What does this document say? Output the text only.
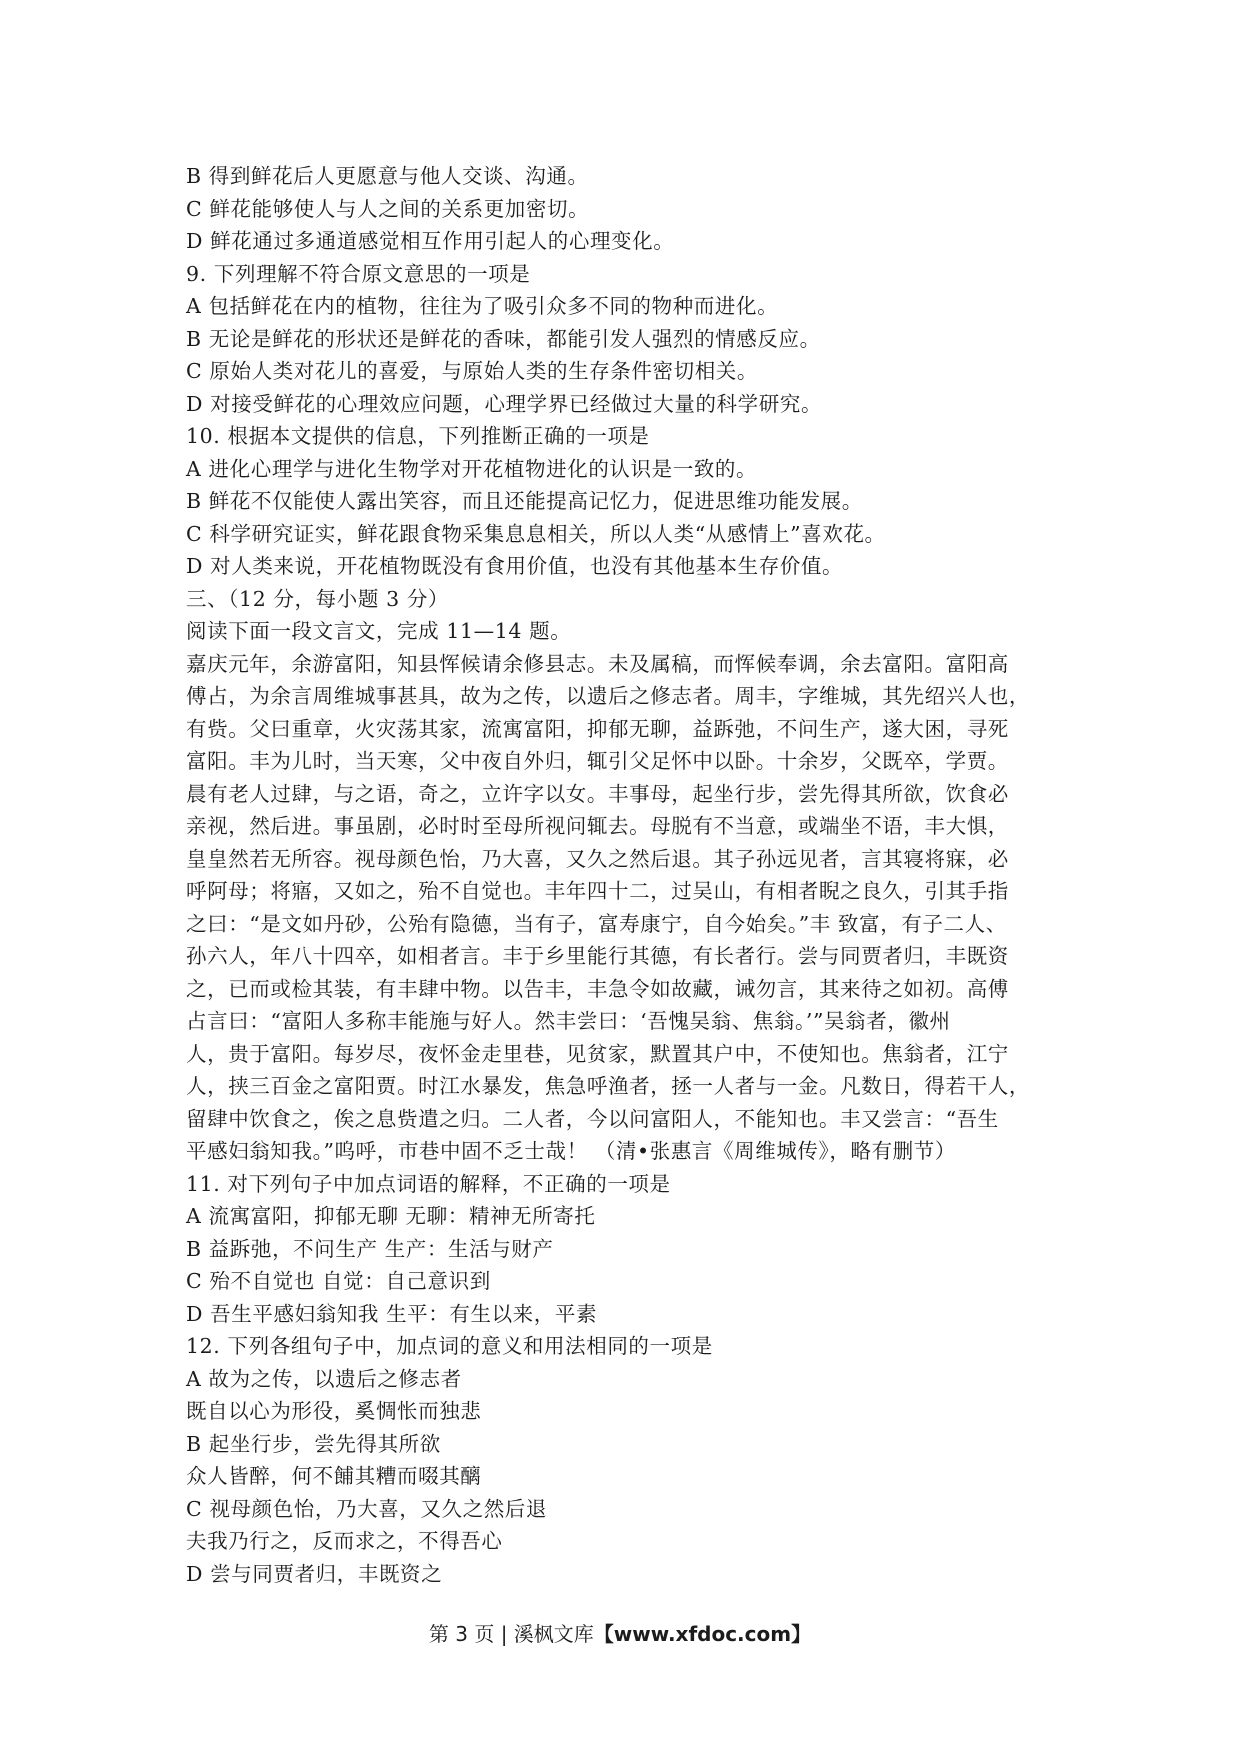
B 得到鲜花后人更愿意与他人交谈、沟通。
C 鲜花能够使人与人之间的关系更加密切。
D 鲜花通过多通道感觉相互作用引起人的心理变化。
9. 下列理解不符合原文意思的一项是
A 包括鲜花在内的植物，往往为了吸引众多不同的物种而进化。
B 无论是鲜花的形状还是鲜花的香味，都能引发人强烈的情感反应。
C 原始人类对花儿的喜爱，与原始人类的生存条件密切相关。
D 对接受鲜花的心理效应问题，心理学界已经做过大量的科学研究。
10. 根据本文提供的信息，下列推断正确的一项是
A 进化心理学与进化生物学对开花植物进化的认识是一致的。
B 鲜花不仅能使人露出笑容，而且还能提高记忆力，促进思维功能发展。
C 科学研究证实，鲜花跟食物采集息息相关，所以人类“从感情上”喜欢花。
D 对人类来说，开花植物既没有食用价值，也没有其他基本生存价值。
三、（12 分，每小题 3 分）
阅读下面一段文言文，完成 11—14 题。
嘉庆元年，余游富阳，知县恽候请余修县志。未及属稿，而恽候奉调，余去富阳。富阳高
傅占，为余言周维城事甚具，故为之传，以遗后之修志者。周丰，字维城，其先绍兴人也，
有赀。父曰重章，火灾荡其家，流寓富阳，抑郁无聊，益跅弛，不问生产，遂大困，寻死
富阳。丰为儿时，当天寒，父中夜自外归，辄引父足怀中以卧。十余岁，父既卒，学贾。
晨有老人过肆，与之语，奇之，立许字以女。丰事母，起坐行步，尝先得其所欲，饮食必
亲视，然后进。事虽剧，必时时至母所视问辄去。母脱有不当意，或端坐不语，丰大惧，
皇皇然若无所容。视母颜色怡，乃大喜，又久之然后退。其子孙远见者，言其寝将寐，必
呼阿母；将寤，又如之，殆不自觉也。丰年四十二，过吴山，有相者睨之良久，引其手指
之曰：“是文如丹砂，公殆有隐德，当有子，富寿康宁，自今始矣。”丰 致富，有子二人、
孙六人，年八十四卒，如相者言。丰于乡里能行其德，有长者行。尝与同贾者归，丰既资
之，已而或检其装，有丰肆中物。以告丰，丰急令如故藏，诫勿言，其来待之如初。高傅
占言曰：“富阳人多称丰能施与好人。然丰尝曰：‘吾愧吴翁、焦翁。’”吴翁者，徽州
人，贵于富阳。每岁尽，夜怀金走里巷，见贫家，默置其户中，不使知也。焦翁者，江宁
人，挟三百金之富阳贾。时江水暴发，焦急呼渔者，拯一人者与一金。凡数日，得若干人，
留肆中饮食之，俟之息赀遣之归。二人者，今以问富阳人，不能知也。丰又尝言：“吾生
平感妇翁知我。”呜呼，市巷中固不乏士哉！ （清•张惠言《周维城传》，略有删节）
11. 对下列句子中加点词语的解释，不正确的一项是
A 流寓富阳，抑郁无聊 无聊：精神无所寄托
B 益跅弛，不问生产 生产：生活与财产
C 殆不自觉也 自觉：自己意识到
D 吾生平感妇翁知我 生平：有生以来，平素
12. 下列各组句子中，加点词的意义和用法相同的一项是
A 故为之传，以遗后之修志者
既自以心为形役，奚惆怅而独悲
B 起坐行步，尝先得其所欲
众人皆醉，何不餔其糟而啜其醨
C 视母颜色怡，乃大喜，又久之然后退
夫我乃行之，反而求之，不得吾心
D 尝与同贾者归，丰既资之
第 3 页 | 溪枫文库【www.xfdoc.com】
